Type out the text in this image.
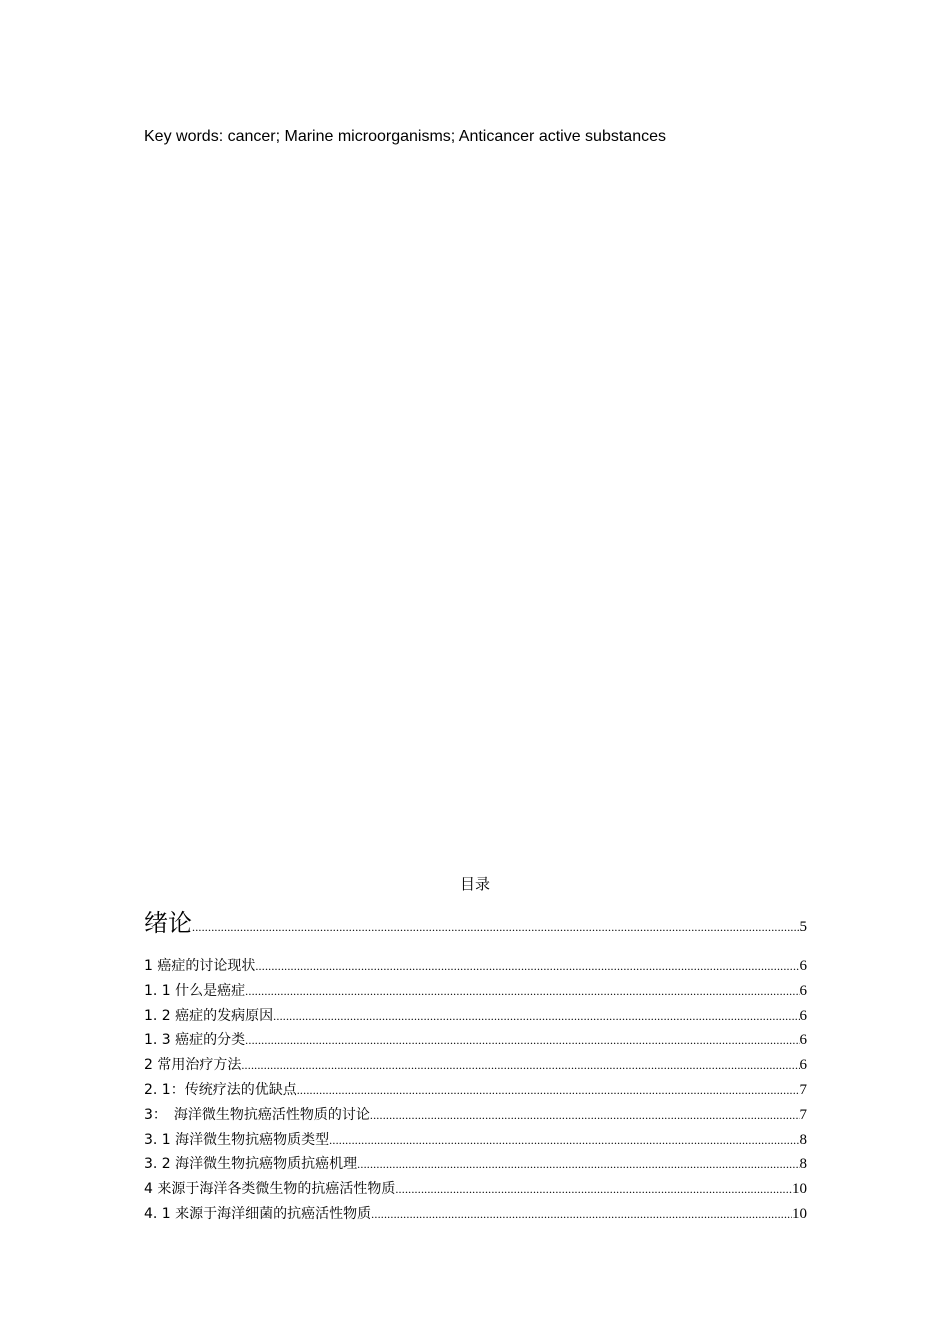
Key words: cancer; Marine microorganisms; Anticancer active substances
目录
绪论 .....	5
1 癌症的讨论现状 .....	6
1. 1 什么是癌症 .....	6
1. 2 癌症的发病原因 .....	6
1. 3 癌症的分类 .....	6
2 常用治疗方法 .....	6
2. 1：传统疗法的优缺点 .....	7
3：　海洋微生物抗癌活性物质的讨论 .....	7
3. 1 海洋微生物抗癌物质类型 .....	8
3. 2 海洋微生物抗癌物质抗癌机理 .....	8
4 来源于海洋各类微生物的抗癌活性物质 .....	10
4. 1 来源于海洋细菌的抗癌活性物质 .....	10
